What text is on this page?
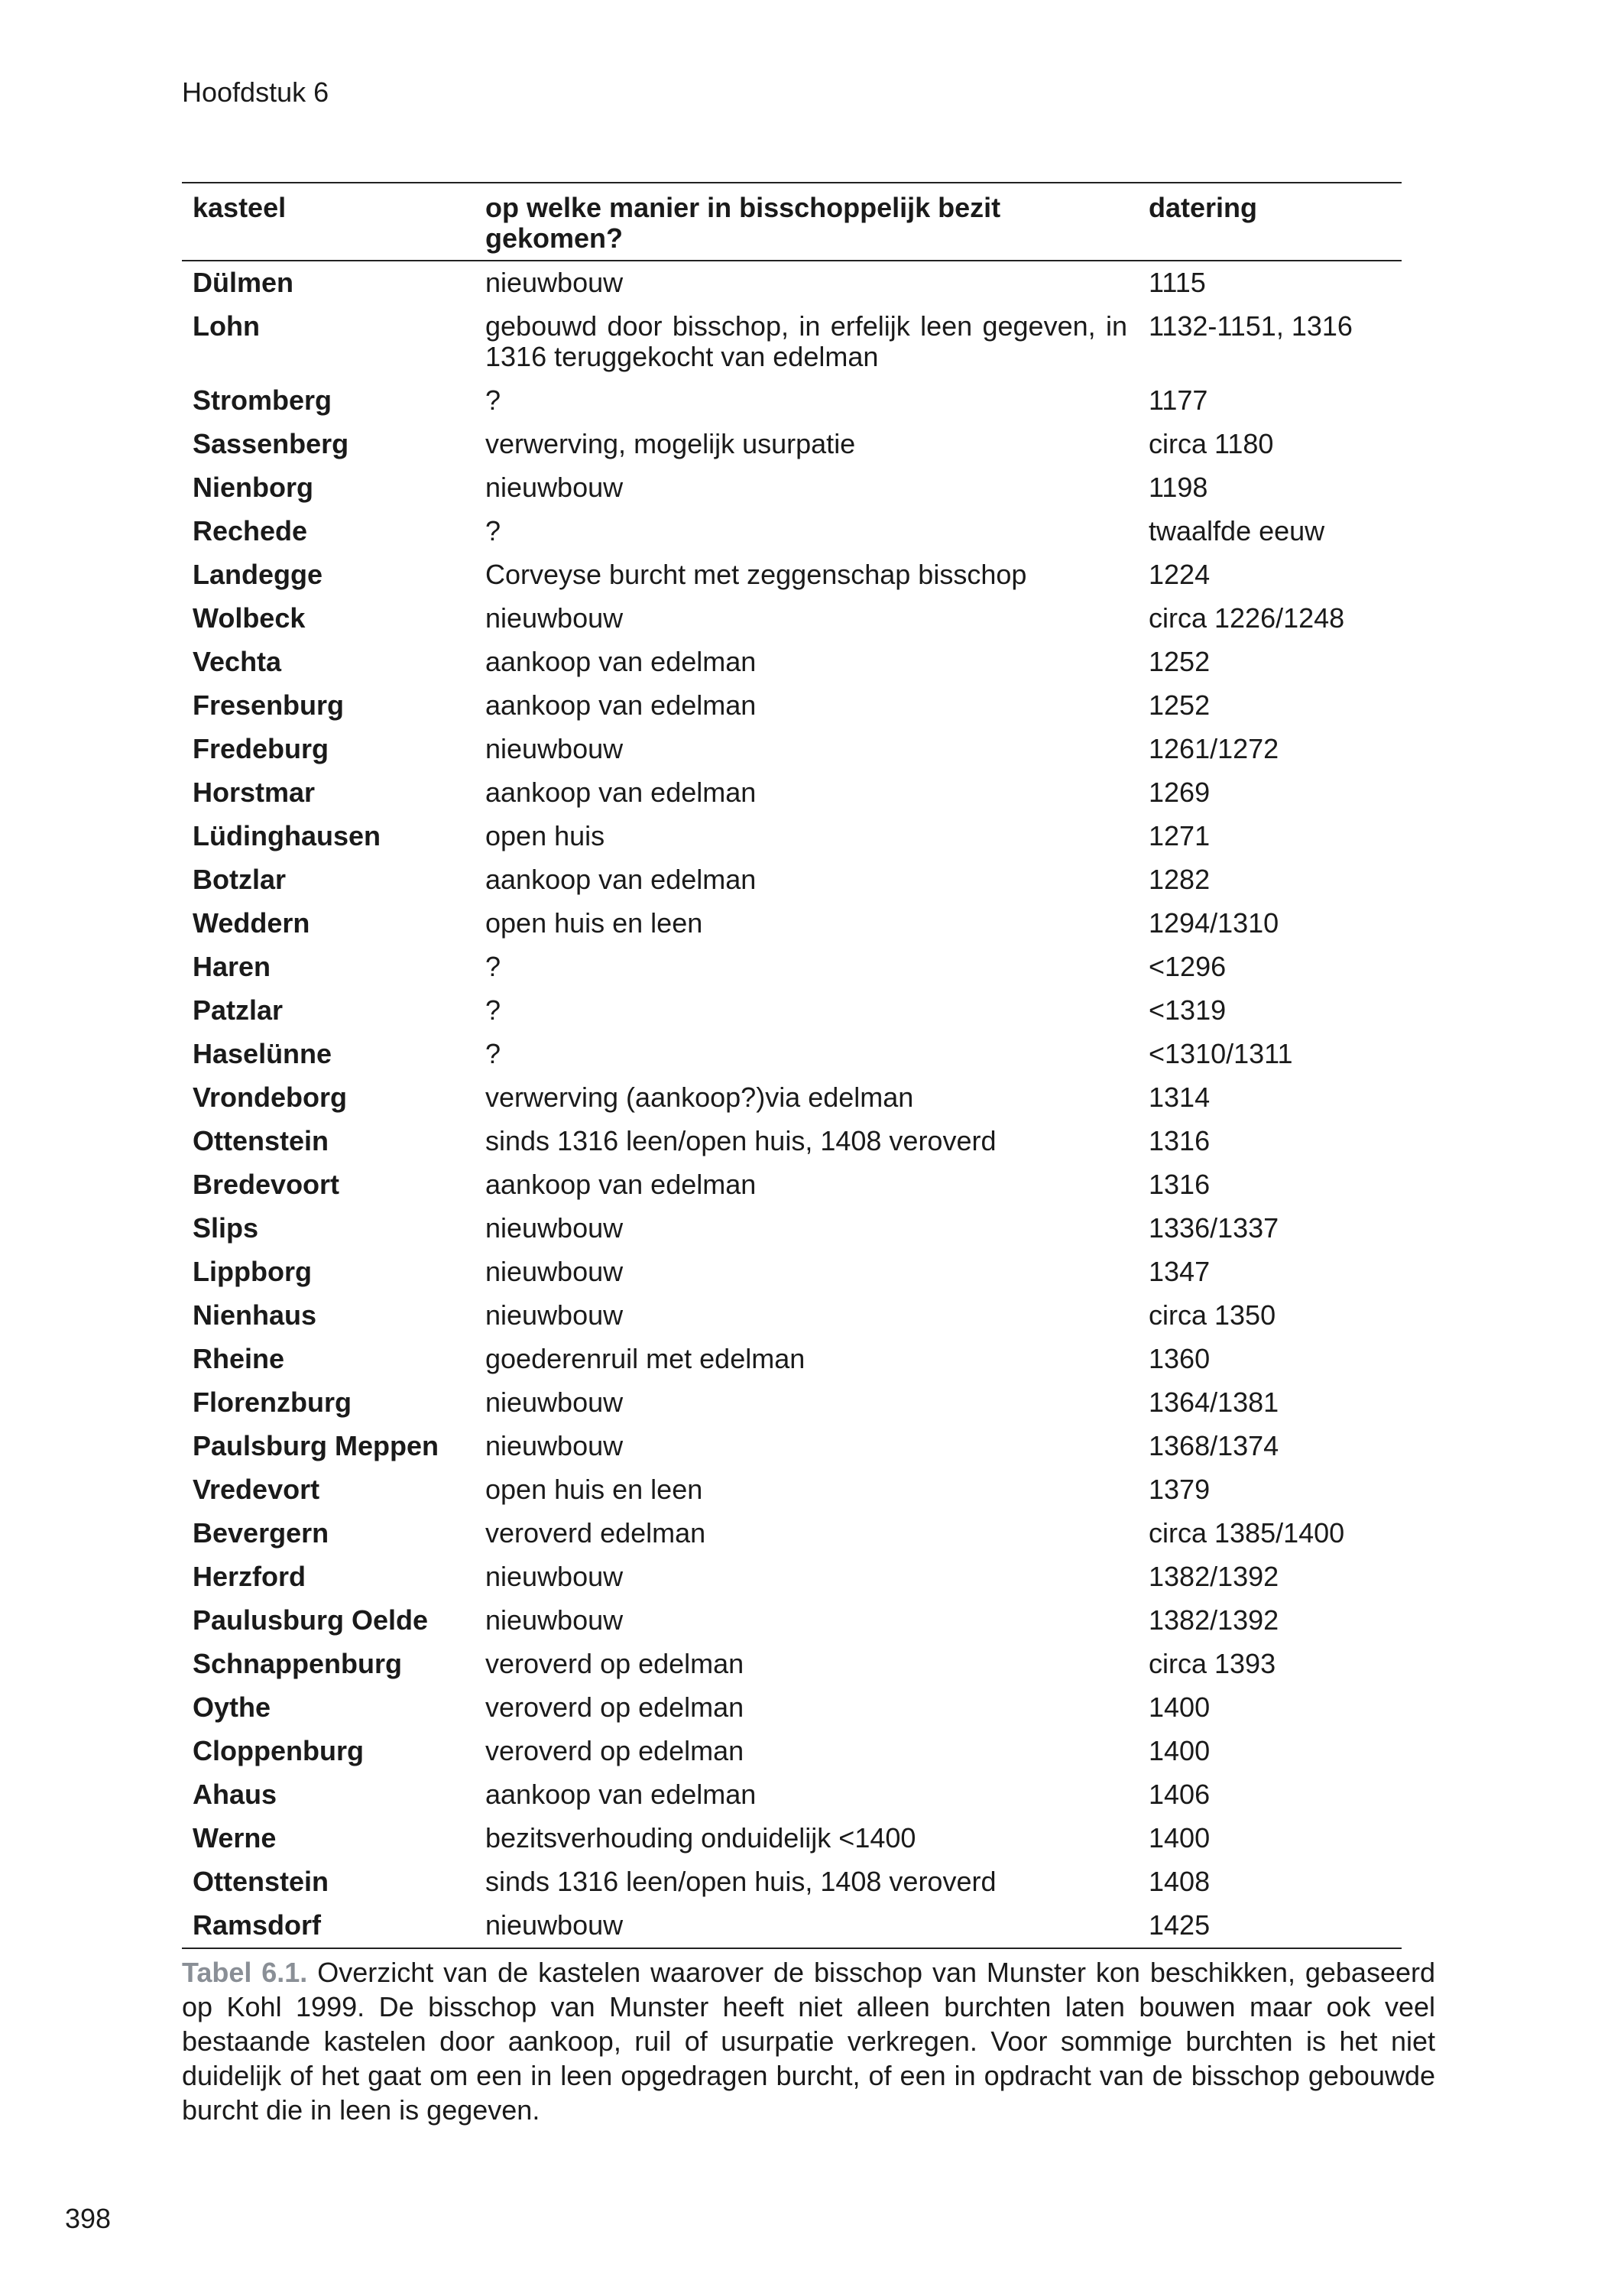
Hoofdstuk 6
kasteel	op welke manier in bisschoppelijk bezit gekomen?	datering
Dülmen	nieuwbouw	1115
Lohn	gebouwd door bisschop, in erfelijk leen gegeven, in 1316 teruggekocht van edelman	1132-1151, 1316
Stromberg	?	1177
Sassenberg	verwerving, mogelijk usurpatie	circa 1180
Nienborg	nieuwbouw	1198
Rechede	?	twaalfde eeuw
Landegge	Corveyse burcht met zeggenschap bisschop	1224
Wolbeck	nieuwbouw	circa 1226/1248
Vechta	aankoop van edelman	1252
Fresenburg	aankoop van edelman	1252
Fredeburg	nieuwbouw	1261/1272
Horstmar	aankoop van edelman	1269
Lüdinghausen	open huis	1271
Botzlar	aankoop van edelman	1282
Weddern	open huis en leen	1294/1310
Haren	?	<1296
Patzlar	?	<1319
Haselünne	?	<1310/1311
Vrondeborg	verwerving (aankoop?)via edelman	1314
Ottenstein	sinds 1316 leen/open huis, 1408 veroverd	1316
Bredevoort	aankoop van edelman	1316
Slips	nieuwbouw	1336/1337
Lippborg	nieuwbouw	1347
Nienhaus	nieuwbouw	circa 1350
Rheine	goederenruil met edelman	1360
Florenzburg	nieuwbouw	1364/1381
Paulsburg Meppen	nieuwbouw	1368/1374
Vredevort	open huis en leen	1379
Bevergern	veroverd edelman	circa 1385/1400
Herzford	nieuwbouw	1382/1392
Paulusburg Oelde	nieuwbouw	1382/1392
Schnappenburg	veroverd op edelman	circa 1393
Oythe	veroverd op edelman	1400
Cloppenburg	veroverd op edelman	1400
Ahaus	aankoop van edelman	1406
Werne	bezitsverhouding onduidelijk <1400	1400
Ottenstein	sinds 1316 leen/open huis, 1408 veroverd	1408
Ramsdorf	nieuwbouw	1425
Tabel 6.1. Overzicht van de kastelen waarover de bisschop van Munster kon beschikken, gebaseerd op Kohl 1999. De bisschop van Munster heeft niet alleen burchten laten bouwen maar ook veel bestaande kastelen door aankoop, ruil of usurpatie verkregen. Voor sommige burchten is het niet duidelijk of het gaat om een in leen opgedragen burcht, of een in opdracht van de bisschop gebouwde burcht die in leen is gegeven.
398
